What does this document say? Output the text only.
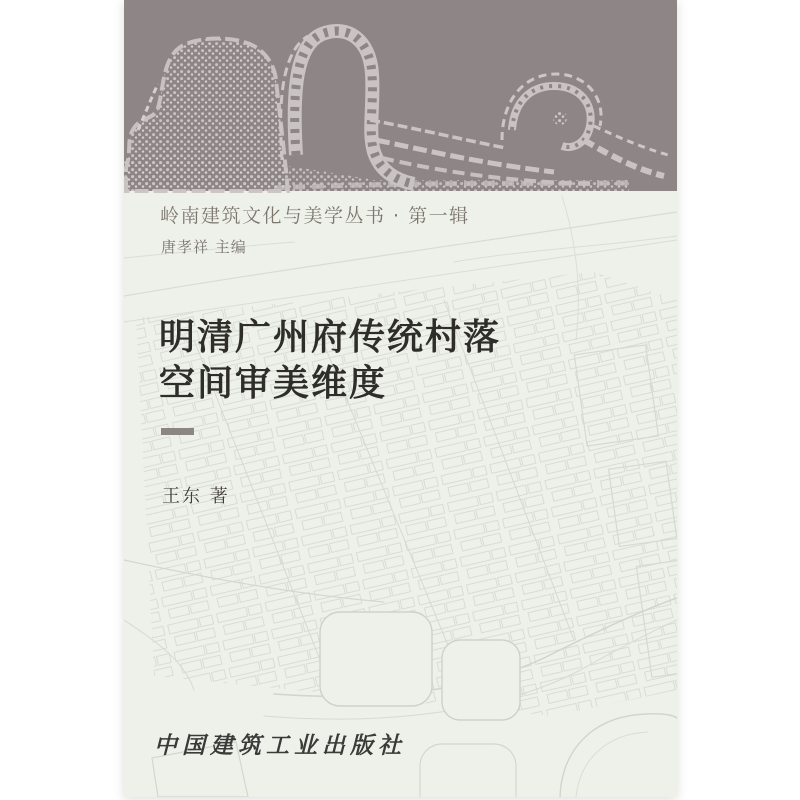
岭南建筑文化与美学丛书 · 第一辑
唐孝祥 主编
明清广州府传统村落
空间审美维度
王东 著
中国建筑工业出版社
